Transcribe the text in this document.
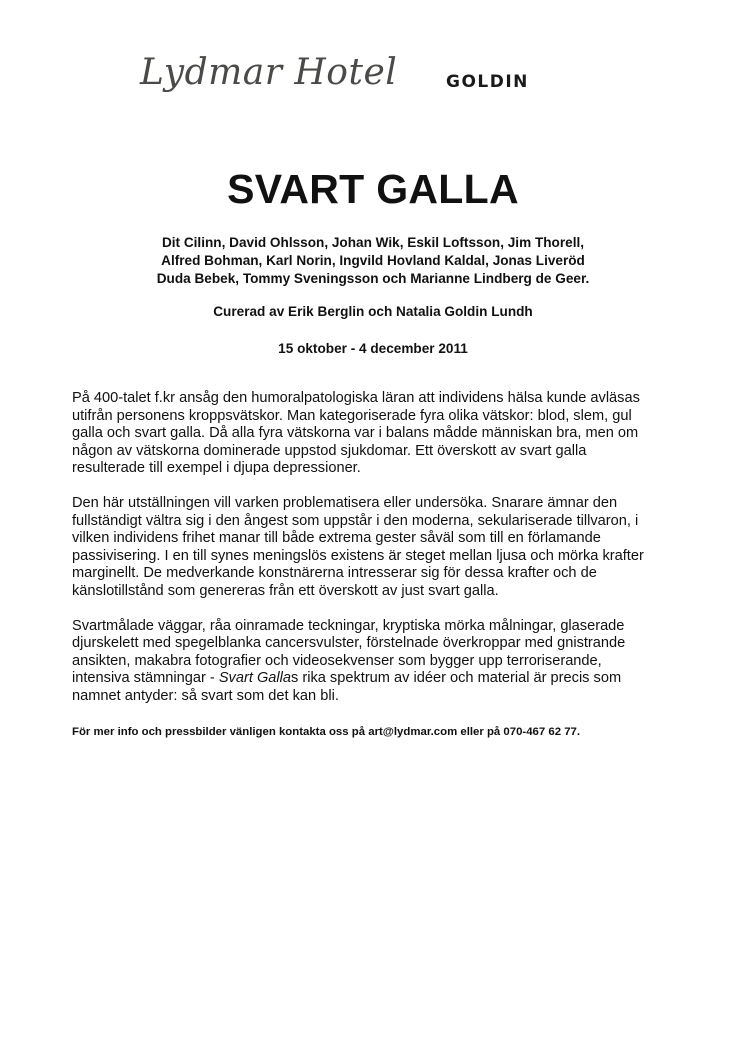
Lydmar Hotel	GOLDIN
SVART GALLA
Dit Cilinn, David Ohlsson, Johan Wik, Eskil Loftsson, Jim Thorell,
Alfred Bohman, Karl Norin, Ingvild Hovland Kaldal, Jonas Liveröd
Duda Bebek, Tommy Sveningsson och Marianne Lindberg de Geer.
Curerad av Erik Berglin och Natalia Goldin Lundh
15 oktober - 4 december 2011
På 400-talet f.kr ansåg den humoralpatologiska läran att individens hälsa kunde avläsas
utifrån personens kroppsvätskor. Man kategoriserade fyra olika vätskor: blod, slem, gul
galla och svart galla. Då alla fyra vätskorna var i balans mådde människan bra, men om
någon av vätskorna dominerade uppstod sjukdomar. Ett överskott av svart galla
resulterade till exempel i djupa depressioner.
Den här utställningen vill varken problematisera eller undersöka. Snarare ämnar den
fullständigt vältra sig i den ångest som uppstår i den moderna, sekulariserade tillvaron, i
vilken individens frihet manar till både extrema gester såväl som till en förlamande
passivisering. I en till synes meningslös existens är steget mellan ljusa och mörka krafter
marginellt. De medverkande konstnärerna intresserar sig för dessa krafter och de
känslotillstånd som genereras från ett överskott av just svart galla.
Svartmålade väggar, råa oinramade teckningar, kryptiska mörka målningar, glaserade
djurskelett med spegelblanka cancersvulster, förstelnade överkroppar med gnistrande
ansikten, makabra fotografier och videosekvenser som bygger upp terroriserande,
intensiva stämningar - Svart Gallas rika spektrum av idéer och material är precis som
namnet antyder: så svart som det kan bli.
För mer info och pressbilder vänligen kontakta oss på art@lydmar.com eller på 070-467 62 77.
